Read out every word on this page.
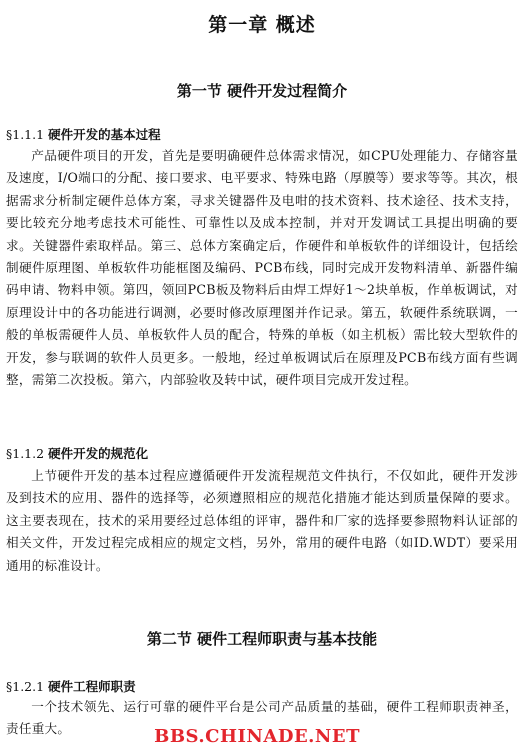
第一章 概述
第一节 硬件开发过程简介
§1.1.1 硬件开发的基本过程

产品硬件项目的开发，首先是要明确硬件总体需求情况，如CPU处理能力、存储容量及速度，I/O端口的分配、接口要求、电平要求、特殊电路（厚膜等）要求等等。其次，根据需求分析制定硬件总体方案，寻求关键器件及电咁的技术资料、技术途径、技术支持，要比较充分地考虑技术可能性、可靠性以及成本控制，并对开发调试工具提出明确的要求。关键器件索取样品。第三、总体方案确定后，作硬件和单板软件的详细设计，包括绘制硬件原理图、单板软件功能框图及编码、PCB布线，同时完成开发物料清单、新器件编码申请、物料申领。第四，领回PCB板及物料后由焊工焊好1～2块单板，作单板调试，对原理设计中的各功能进行调测，必要时修改原理图并作记录。第五，软硬件系统联调，一般的单板需硬件人员、单板软件人员的配合，特殊的单板（如主机板）需比较大型软件的开发，参与联调的软件人员更多。一般地，经过单板调试后在原理及PCB布线方面有些调整，需第二次投板。第六，内部验收及转中试，硬件项目完成开发过程。

§1.1.2 硬件开发的规范化

上节硬件开发的基本过程应遵循硬件开发流程规范文件执行，不仅如此，硬件开发涉及到技术的应用、器件的选择等，必须遵照相应的规范化措施才能达到质量保障的要求。这主要表现在，技术的采用要经过总体组的评审，器件和厂家的选择要参照物料认证部的相关文件，开发过程完成相应的规定文档，另外，常用的硬件电路（如ID.WDT）要采用通用的标准设计。

第二节 硬件工程师职责与基本技能
§1.2.1 硬件工程师职责

一个技术领先、运行可靠的硬件平台是公司产品质量的基础，硬件工程师职责神圣，责任重大。	BBS.CHINADE.NET
